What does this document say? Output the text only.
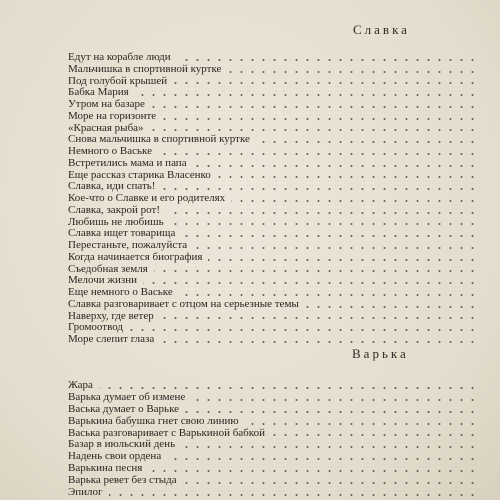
Славка
Едут на корабле люди
Мальчишка в спортивной куртке
Под голубой крышей
Бабка Мария
Утром на базаре
Море на горизонте
«Красная рыба»
Снова мальчишка в спортивной куртке
Немного о Ваське
Встретились мама и папа
Еще рассказ старика Власенко
Славка, иди спать!
Кое-что о Славке и его родителях
Славка, закрой рот!
Любишь не любишь
Славка ищет товарища
Перестаньте, пожалуйста
Когда начинается биография
Съедобная земля
Мелочи жизни
Еще немного о Ваське
Славка разговаривает с отцом на серьезные темы
Наверху, где ветер
Громоотвод
Море слепит глаза
Варька
Жара
Варька думает об измене
Васька думает о Варьке
Варькина бабушка гнет свою линию
Васька разговаривает с Варькиной бабкой
Базар в июльский день
Надень свои ордена
Варькина песня
Варька ревет без стыда
Эпилог
